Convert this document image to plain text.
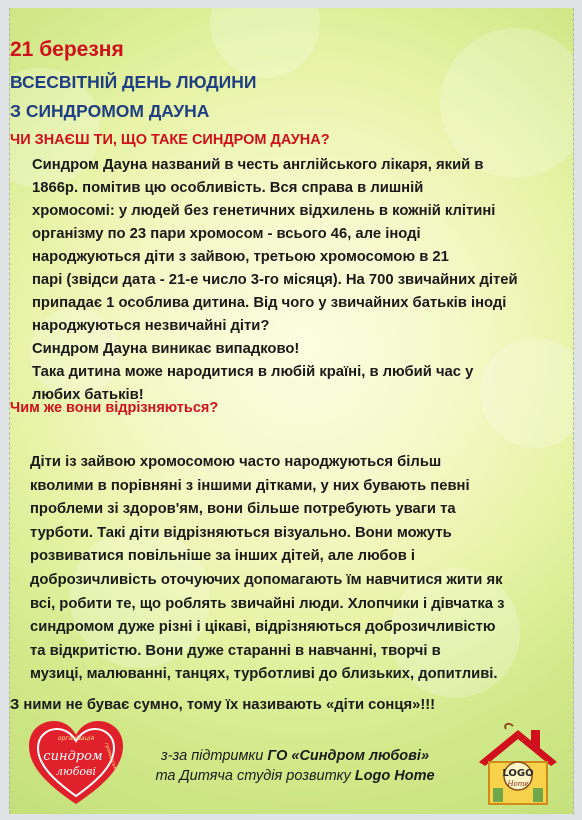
21 березня
ВСЕСВІТНІЙ ДЕНЬ ЛЮДИНИ
З СИНДРОМОМ ДАУНА
ЧИ ЗНАЄШ ТИ, ЩО ТАКЕ СИНДРОМ ДАУНА?
Синдром Дауна названий в честь англійського лікаря, який в
1866р. помітив цю особливість. Вся справа в лишній
хромосомі: у людей без генетичних відхилень в кожній клітині
організму по 23 пари хромосом - всього 46, але іноді
народжуються діти з зайвою, третьою хромосомою в 21
парі (звідси дата - 21-е число 3-го місяця). На 700 звичайних дітей
припадає 1 особлива дитина. Від чого у звичайних батьків іноді
народжуються незвичайні діти?
Синдром Дауна виникає випадково!
Така дитина може народитися в любій країні, в любий час у
любих батьків!
Чим же вони відрізняються?
Діти із зайвою хромосомою часто народжуються більш
кволими в порівняні з іншими дітками, у них бувають певні
проблеми зі здоров'ям, вони більше потребують уваги та
турботи. Такі діти відрізняються візуально. Вони можуть
розвиватися повільніше за інших дітей, але любов і
доброзичливість оточуючих допомагають їм навчитися жити як
всі, робити те, що роблять звичайні люди. Хлопчики і дівчатка з
синдромом дуже різні і цікаві, відрізняються доброзичливістю
та відкритістю. Вони дуже старанні в навчанні, творчі в
музиці, малюванні, танцях, турботливі до близьких, допитливі.
З ними не буває сумно, тому їх називають «діти сонця»!!!
організація
синдром
любові громадська	з-за підтримки ГО «Синдром любові»
та Дитяча студія розвитку Logo Home	LOGO
Home
